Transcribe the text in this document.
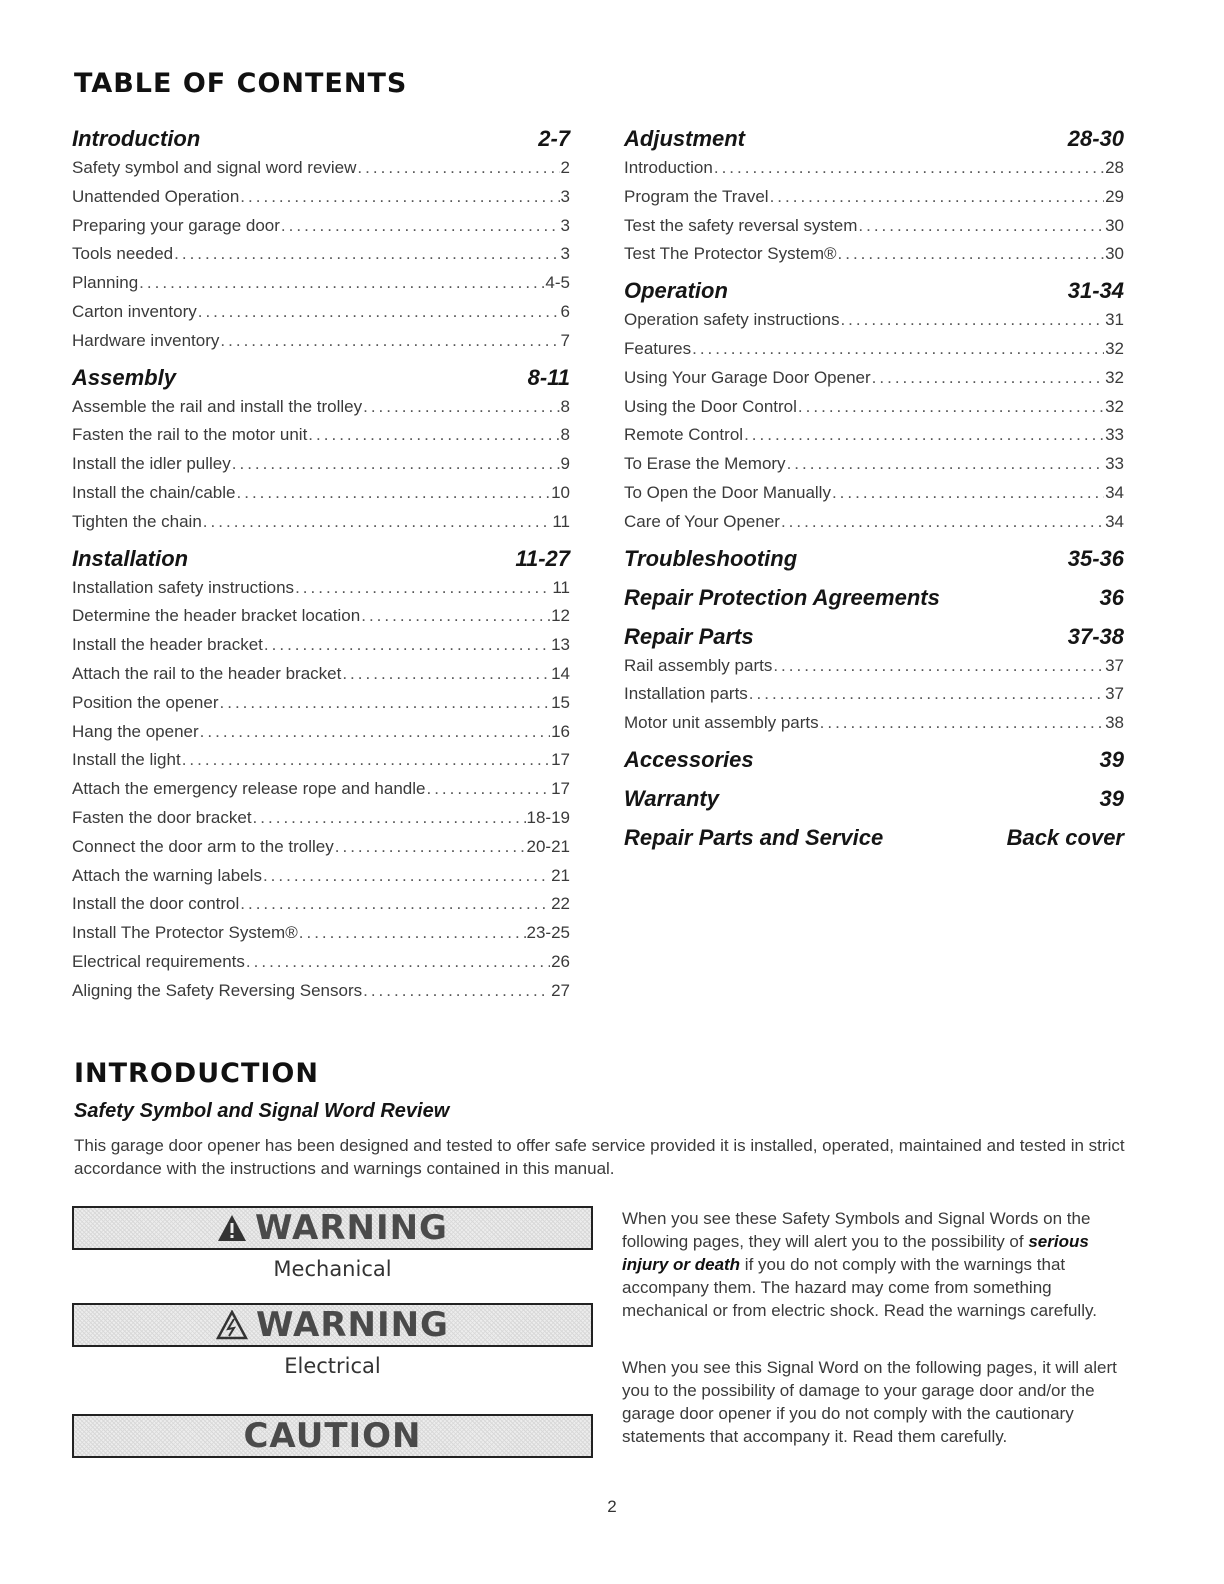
TABLE OF CONTENTS
Introduction	2-7
Safety symbol and signal word review .....	2
Unattended Operation .....	3
Preparing your garage door .....	3
Tools needed .....	3
Planning .....	4-5
Carton inventory .....	6
Hardware inventory .....	7
Assembly	8-11
Assemble the rail and install the trolley .....	8
Fasten the rail to the motor unit .....	8
Install the idler pulley .....	9
Install the chain/cable .....	10
Tighten the chain .....	11
Installation	11-27
Installation safety instructions .....	11
Determine the header bracket location .....	12
Install the header bracket .....	13
Attach the rail to the header bracket .....	14
Position the opener .....	15
Hang the opener .....	16
Install the light .....	17
Attach the emergency release rope and handle .....	17
Fasten the door bracket .....	18-19
Connect the door arm to the trolley .....	20-21
Attach the warning labels .....	21
Install the door control .....	22
Install The Protector System® .....	23-25
Electrical requirements .....	26
Aligning the Safety Reversing Sensors .....	27
Adjustment	28-30
Introduction .....	28
Program the Travel .....	29
Test the safety reversal system .....	30
Test The Protector System® .....	30
Operation	31-34
Operation safety instructions .....	31
Features .....	32
Using Your Garage Door Opener .....	32
Using the Door Control .....	32
Remote Control .....	33
To Erase the Memory .....	33
To Open the Door Manually .....	34
Care of Your Opener .....	34
Troubleshooting	35-36
Repair Protection Agreements	36
Repair Parts	37-38
Rail assembly parts .....	37
Installation parts .....	37
Motor unit assembly parts .....	38
Accessories	39
Warranty	39
Repair Parts and Service	Back cover
INTRODUCTION
Safety Symbol and Signal Word Review

This garage door opener has been designed and tested to offer safe service provided it is installed, operated, maintained and tested in strict accordance with the instructions and warnings contained in this manual.

WARNING
Mechanical
WARNING
Electrical
CAUTION

When you see these Safety Symbols and Signal Words on the following pages, they will alert you to the possibility of serious injury or death if you do not comply with the warnings that accompany them. The hazard may come from something mechanical or from electric shock. Read the warnings carefully.

When you see this Signal Word on the following pages, it will alert you to the possibility of damage to your garage door and/or the garage door opener if you do not comply with the cautionary statements that accompany it. Read them carefully.

2
